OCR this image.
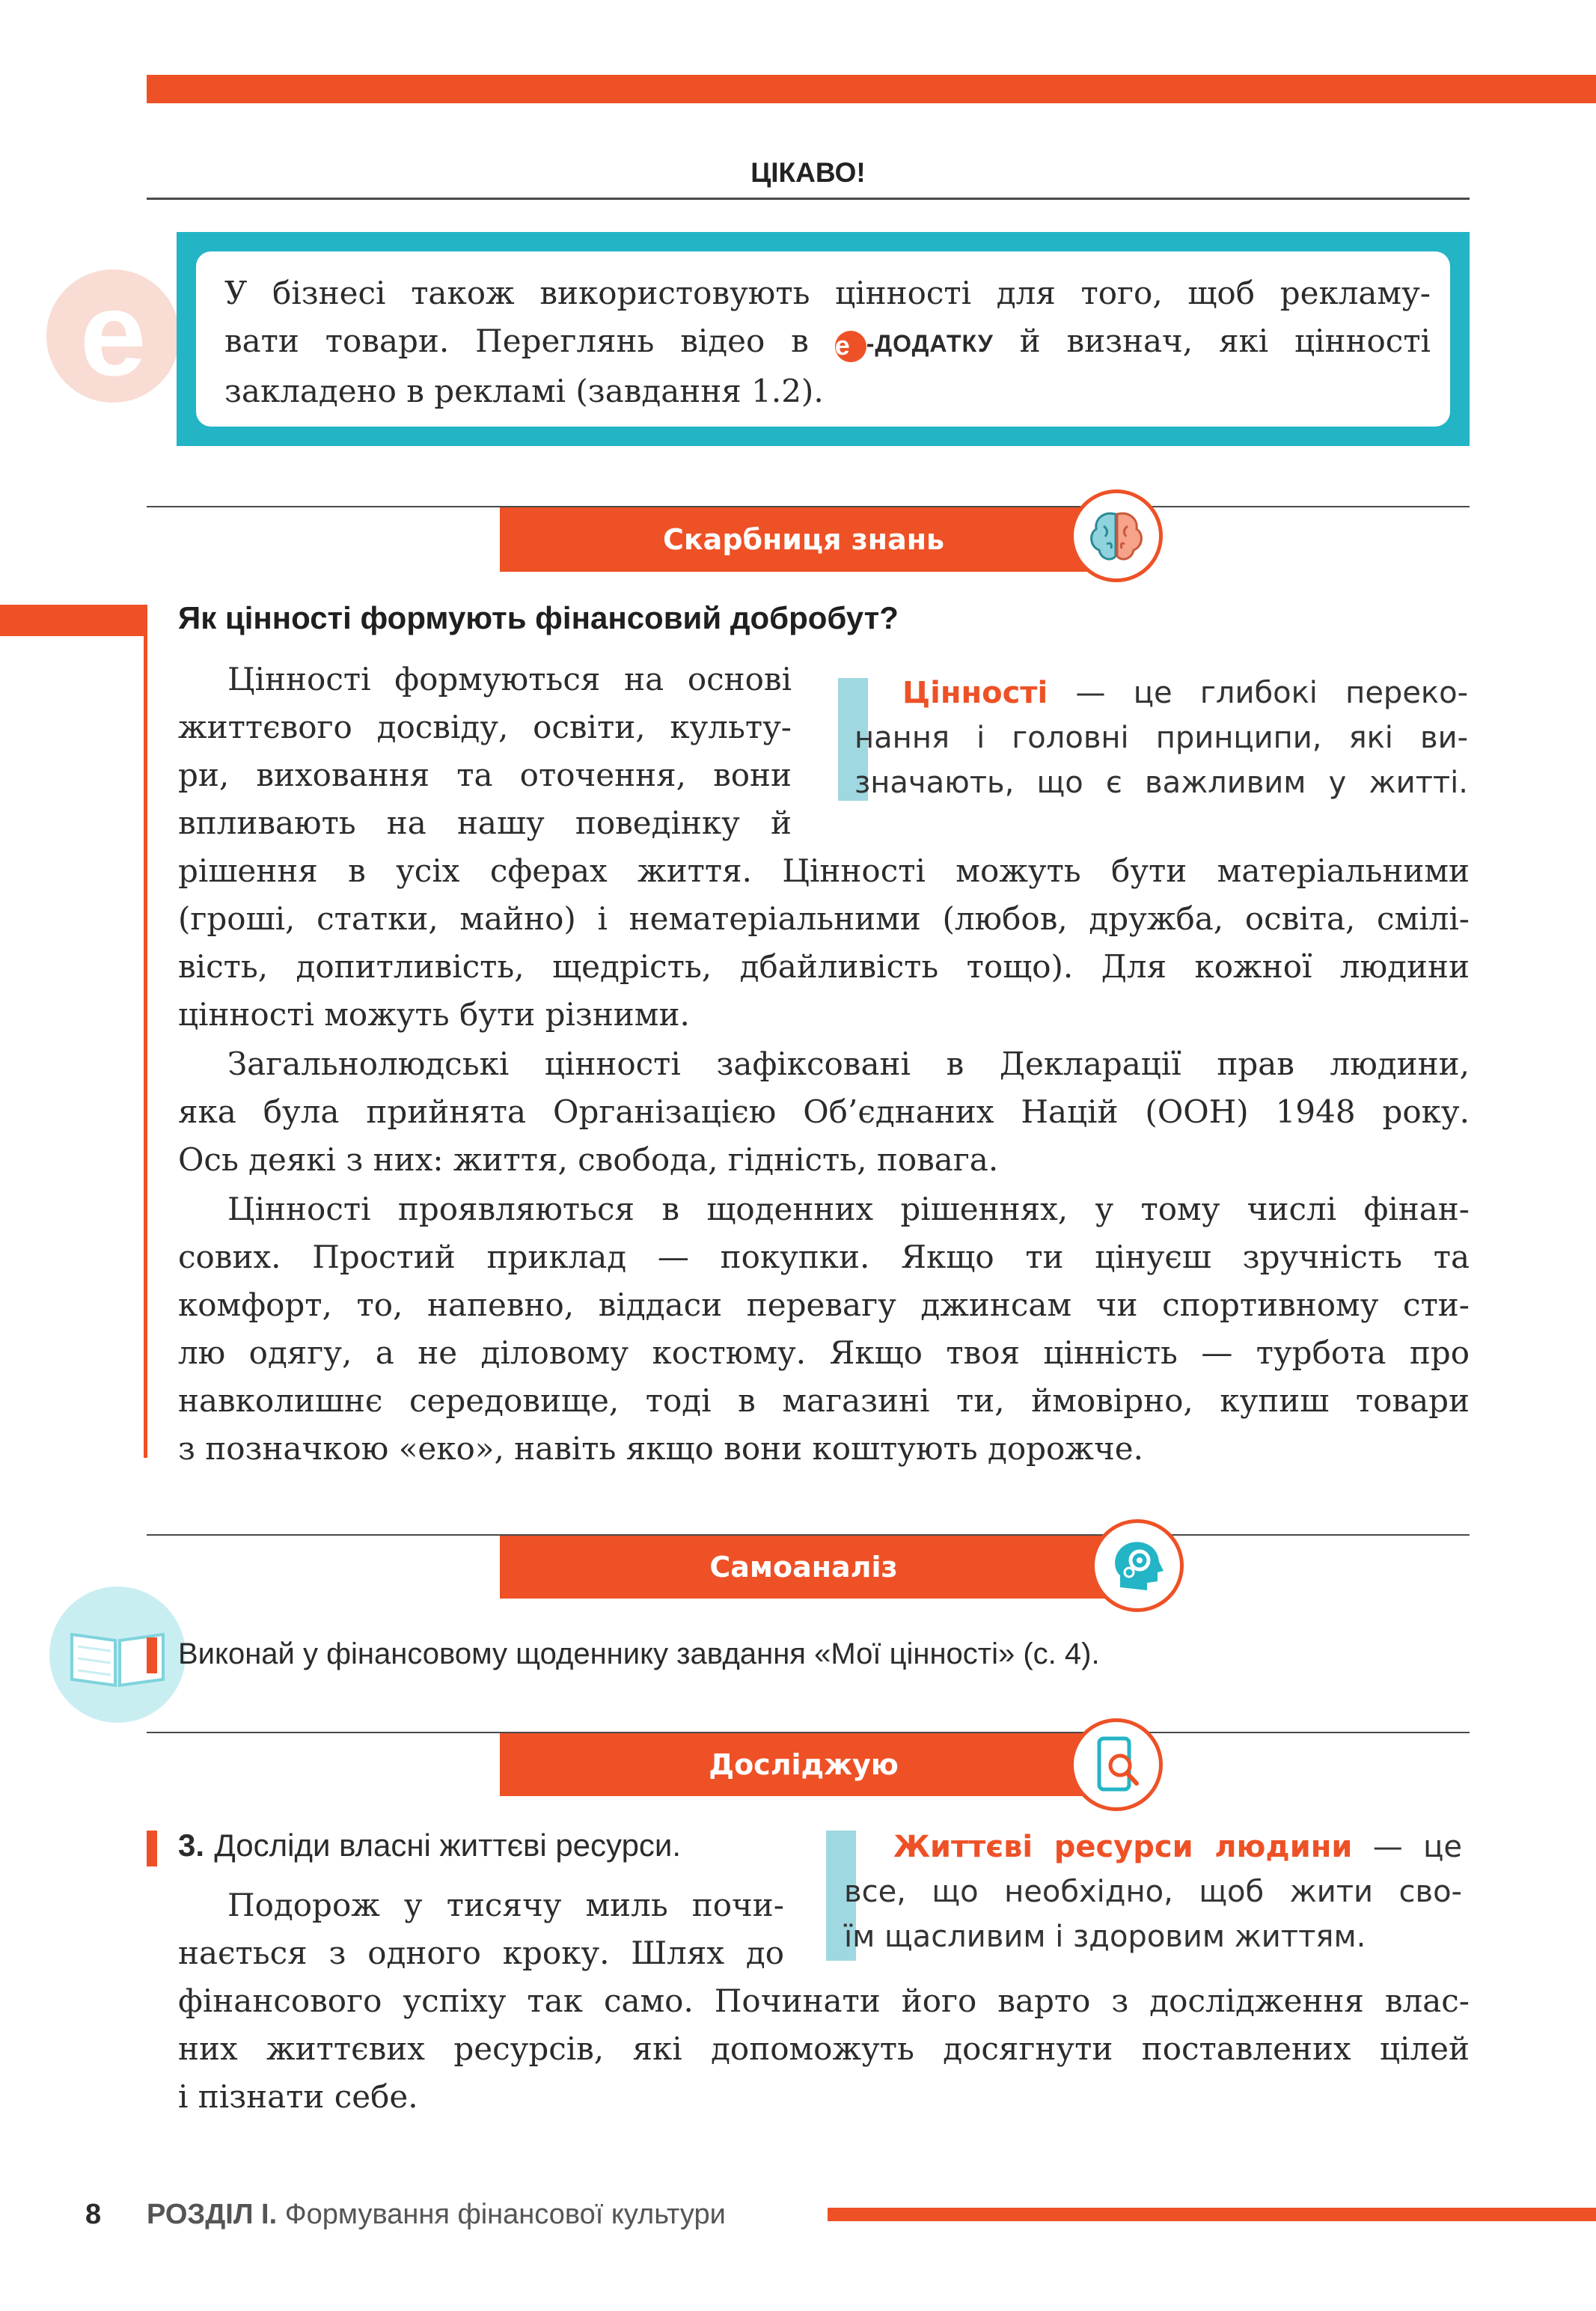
ЦІКАВО!
e	У бізнесі також використовують цінності для того, щоб рекламу-
вати товари. Переглянь відео в e -ДОДАТКУ й визнач, які цінності
закладено в рекламі (завдання 1.2).
Скарбниця знань
Як цінності формують фінансовий добробут?
Цінності формуються на основі
життєвого досвіду, освіти, культу-
ри, виховання та оточення, вони
впливають на нашу поведінку й
рішення в усіх сферах життя. Цінності можуть бути матеріальними
(гроші, статки, майно) і нематеріальними (любов, дружба, освіта, смілі-
вість, допитливість, щедрість, дбайливість тощо). Для кожної людини
цінності можуть бути різними.
Цінності — це глибокі переко-
нання і головні принципи, які ви-
значають, що є важливим у житті.
Загальнолюдські цінності зафіксовані в Декларації прав людини,
яка була прийнята Організацією Об’єднаних Націй (ООН) 1948 року.
Ось деякі з них: життя, свобода, гідність, повага.
Цінності проявляються в щоденних рішеннях, у тому числі фінан-
сових. Простий приклад — покупки. Якщо ти цінуєш зручність та
комфорт, то, напевно, віддаси перевагу джинсам чи спортивному сти-
лю одягу, а не діловому костюму. Якщо твоя цінність — турбота про
навколишнє середовище, тоді в магазині ти, ймовірно, купиш товари
з позначкою «еко», навіть якщо вони коштують дорожче.
Самоаналіз
Виконай у фінансовому щоденнику завдання «Мої цінності» (с. 4).
Досліджую
3. Досліди власні життєві ресурси.
Подорож у тисячу миль почи-
нається з одного кроку. Шлях до
фінансового успіху так само. Починати його варто з дослідження влас-
них життєвих ресурсів, які допоможуть досягнути поставлених цілей
і пізнати себе.
Життєві ресурси людини — це
все, що необхідно, щоб жити сво-
їм щасливим і здоровим життям.
8 РОЗДІЛ І. Формування фінансової культури
